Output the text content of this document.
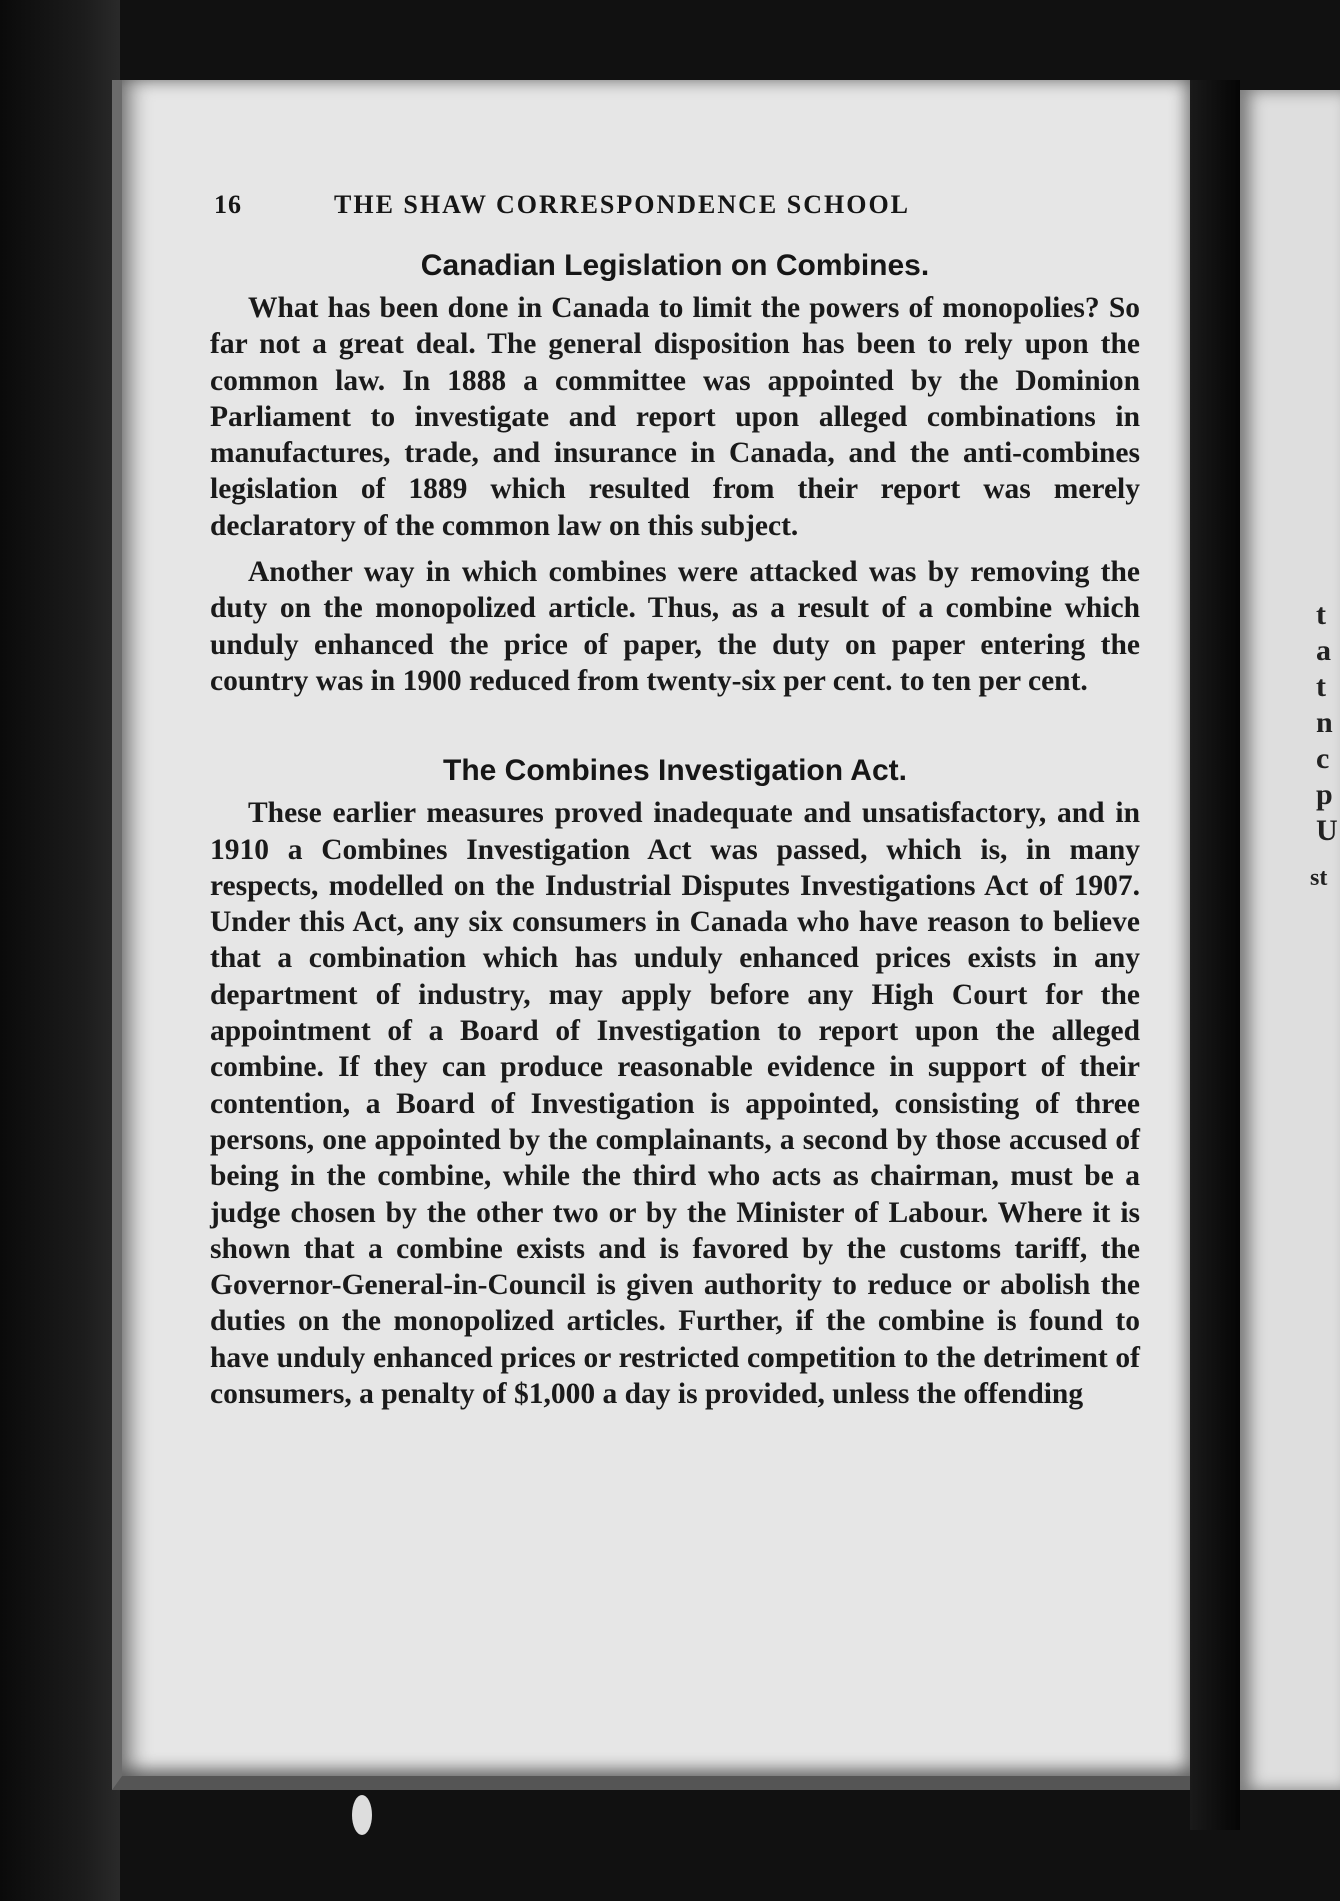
t
a
t
n
c
p
U
st
16	THE SHAW CORRESPONDENCE SCHOOL
Canadian Legislation on Combines.

What has been done in Canada to limit the powers of monopolies? So far not a great deal. The general disposition has been to rely upon the common law. In 1888 a committee was appointed by the Dominion Parliament to investigate and report upon alleged combinations in manufactures, trade, and insurance in Canada, and the anti-combines legislation of 1889 which resulted from their report was merely declaratory of the common law on this subject.

Another way in which combines were attacked was by removing the duty on the monopolized article. Thus, as a result of a combine which unduly enhanced the price of paper, the duty on paper entering the country was in 1900 reduced from twenty-six per cent. to ten per cent.

The Combines Investigation Act.

These earlier measures proved inadequate and unsatisfactory, and in 1910 a Combines Investigation Act was passed, which is, in many respects, modelled on the Industrial Disputes Investigations Act of 1907. Under this Act, any six consumers in Canada who have reason to believe that a combination which has unduly enhanced prices exists in any department of industry, may apply before any High Court for the appointment of a Board of Investigation to report upon the alleged combine. If they can produce reasonable evidence in support of their contention, a Board of Investigation is appointed, consisting of three persons, one appointed by the complainants, a second by those accused of being in the combine, while the third who acts as chairman, must be a judge chosen by the other two or by the Minister of Labour. Where it is shown that a combine exists and is favored by the customs tariff, the Governor-General-in-Council is given authority to reduce or abolish the duties on the monopolized articles. Further, if the combine is found to have unduly enhanced prices or restricted competition to the detriment of consumers, a penalty of $1,000 a day is provided, unless the offending
